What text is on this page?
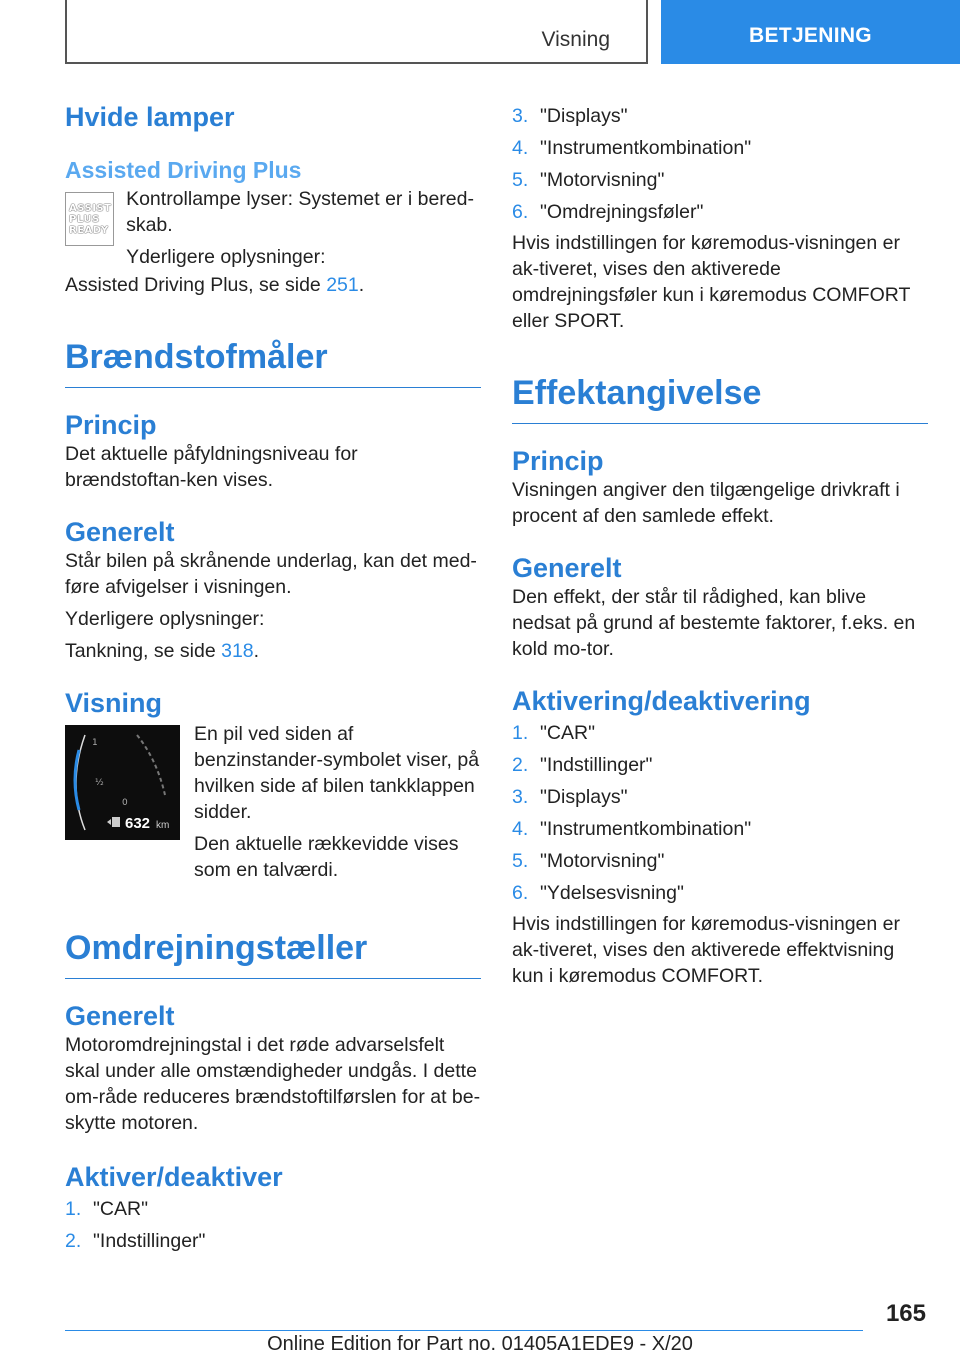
Visning	BETJENING
Hvide lamper
Assisted Driving Plus
ASSIST
PLUS
READY

Kontrollampe lyser: Systemet er i bered-skab.

Yderligere oplysninger:

Assisted Driving Plus, se side 251.

Brændstofmåler
Princip

Det aktuelle påfyldningsniveau for brændstoftan-ken vises.

Generelt

Står bilen på skrånende underlag, kan det med-føre afvigelser i visningen.

Yderligere oplysninger:

Tankning, se side 318.

Visning
1
½
0
632 km

En pil ved siden af benzinstander-symbolet viser, på hvilken side af bilen tankklappen sidder.

Den aktuelle rækkevidde vises som en talværdi.

Omdrejningstæller
Generelt

Motoromdrejningstal i det røde advarselsfelt skal under alle omstændigheder undgås. I dette om-råde reduceres brændstoftilførslen for at be-skytte motoren.

Aktiver/deaktiver
1. "CAR"
2. "Indstillinger"
3. "Displays"
4. "Instrumentkombination"
5. "Motorvisning"
6. "Omdrejningsføler"

Hvis indstillingen for køremodus-visningen er ak-tiveret, vises den aktiverede omdrejningsføler kun i køremodus COMFORT eller SPORT.

Effektangivelse
Princip

Visningen angiver den tilgængelige drivkraft i procent af den samlede effekt.

Generelt

Den effekt, der står til rådighed, kan blive nedsat på grund af bestemte faktorer, f.eks. en kold mo-tor.

Aktivering/deaktivering
1. "CAR"
2. "Indstillinger"
3. "Displays"
4. "Instrumentkombination"
5. "Motorvisning"
6. "Ydelsesvisning"

Hvis indstillingen for køremodus-visningen er ak-tiveret, vises den aktiverede effektvisning kun i køremodus COMFORT.

165
Online Edition for Part no. 01405A1EDE9 - X/20
